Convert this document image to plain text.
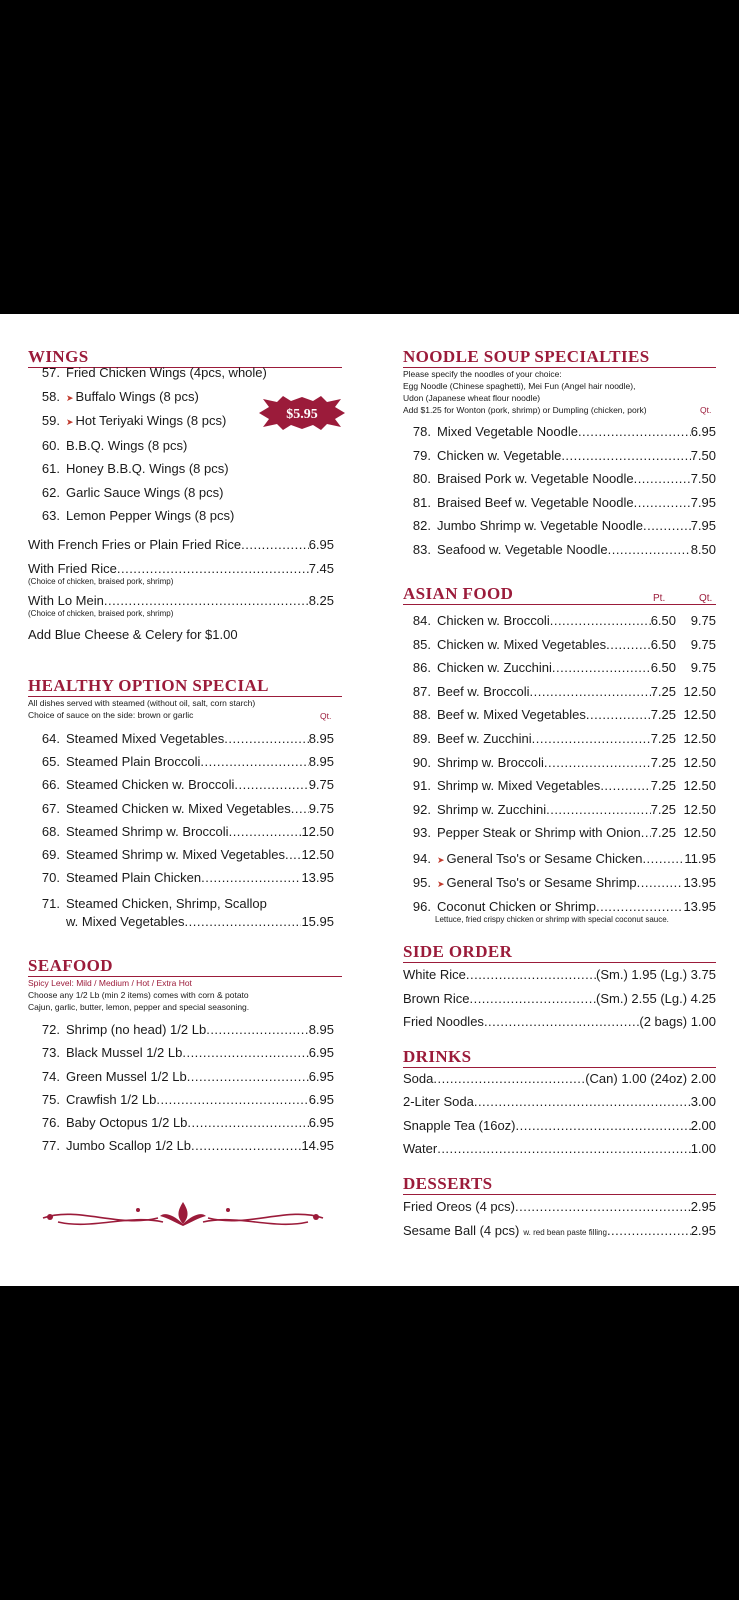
WINGS
57. Fried Chicken Wings (4pcs, whole)
58. ➤ Buffalo Wings (8 pcs)
59. ➤ Hot Teriyaki Wings (8 pcs)
60. B.B.Q. Wings (8 pcs)
61. Honey B.B.Q. Wings (8 pcs)
62. Garlic Sauce Wings (8 pcs)
63. Lemon Pepper Wings (8 pcs)
$5.95
With French Fries or Plain Fried Rice .....	6.95
With Fried Rice .....	7.45
(Choice of chicken, braised pork, shrimp)
With Lo Mein .....	8.25
(Choice of chicken, braised pork, shrimp)
Add Blue Cheese & Celery for $1.00
HEALTHY OPTION SPECIAL
All dishes served with steamed (without oil, salt, corn starch)
Choice of sauce on the side: brown or garlic	Qt.
64. Steamed Mixed Vegetables .....	8.95
65. Steamed Plain Broccoli .....	8.95
66. Steamed Chicken w. Broccoli .....	9.75
67. Steamed Chicken w. Mixed Vegetables ..... 9.75
68. Steamed Shrimp w. Broccoli .....	12.50
69. Steamed Shrimp w. Mixed Vegetables ..... 12.50
70. Steamed Plain Chicken .....	13.95
71. Steamed Chicken, Shrimp, Scallop
w. Mixed Vegetables .....	15.95
SEAFOOD
Spicy Level: Mild / Medium / Hot / Extra Hot
Choose any 1/2 Lb (min 2 items) comes with corn & potato
Cajun, garlic, butter, lemon, pepper and special seasoning.
72. Shrimp (no head) 1/2 Lb .....	8.95
73. Black Mussel 1/2 Lb .....	6.95
74. Green Mussel 1/2 Lb .....	6.95
75. Crawfish 1/2 Lb .....	6.95
76. Baby Octopus 1/2 Lb .....	6.95
77. Jumbo Scallop 1/2 Lb .....	14.95
NOODLE SOUP SPECIALTIES
Please specify the noodles of your choice:
Egg Noodle (Chinese spaghetti), Mei Fun (Angel hair noodle),
Udon (Japanese wheat flour noodle)
Add $1.25 for Wonton (pork, shrimp) or Dumpling (chicken, pork)	Qt.
78. Mixed Vegetable Noodle .....	6.95
79. Chicken w. Vegetable .....	7.50
80. Braised Pork w. Vegetable Noodle .....	7.50
81. Braised Beef w. Vegetable Noodle .....	7.95
82. Jumbo Shrimp w. Vegetable Noodle .....	7.95
83. Seafood w. Vegetable Noodle .....	8.50
ASIAN FOOD	Pt.	Qt.
84. Chicken w. Broccoli .....	6.50	9.75
85. Chicken w. Mixed Vegetables .....	6.50	9.75
86. Chicken w. Zucchini .....	6.50	9.75
87. Beef w. Broccoli .....	7.25 12.50
88. Beef w. Mixed Vegetables .....	7.25 12.50
89. Beef w. Zucchini .....	7.25 12.50
90. Shrimp w. Broccoli .....	7.25 12.50
91. Shrimp w. Mixed Vegetables .....	7.25 12.50
92. Shrimp w. Zucchini .....	7.25 12.50
93. Pepper Steak or Shrimp with Onion ..... 7.25 12.50
94. ➤ General Tso's or Sesame Chicken .....	11.95
95. ➤ General Tso's or Sesame Shrimp .....	13.95
96. Coconut Chicken or Shrimp .....	13.95
Lettuce, fried crispy chicken or shrimp with special coconut sauce.
SIDE ORDER
White Rice .....	(Sm.) 1.95 (Lg.) 3.75
Brown Rice .....	(Sm.) 2.55 (Lg.) 4.25
Fried Noodles .....	(2 bags) 1.00
DRINKS
Soda .....	(Can) 1.00 (24oz) 2.00
2-Liter Soda .....	3.00
Snapple Tea (16oz) .....	2.00
Water .....	1.00
DESSERTS
Fried Oreos (4 pcs) .....	2.95
Sesame Ball (4 pcs) w. red bean paste filling .....	2.95
